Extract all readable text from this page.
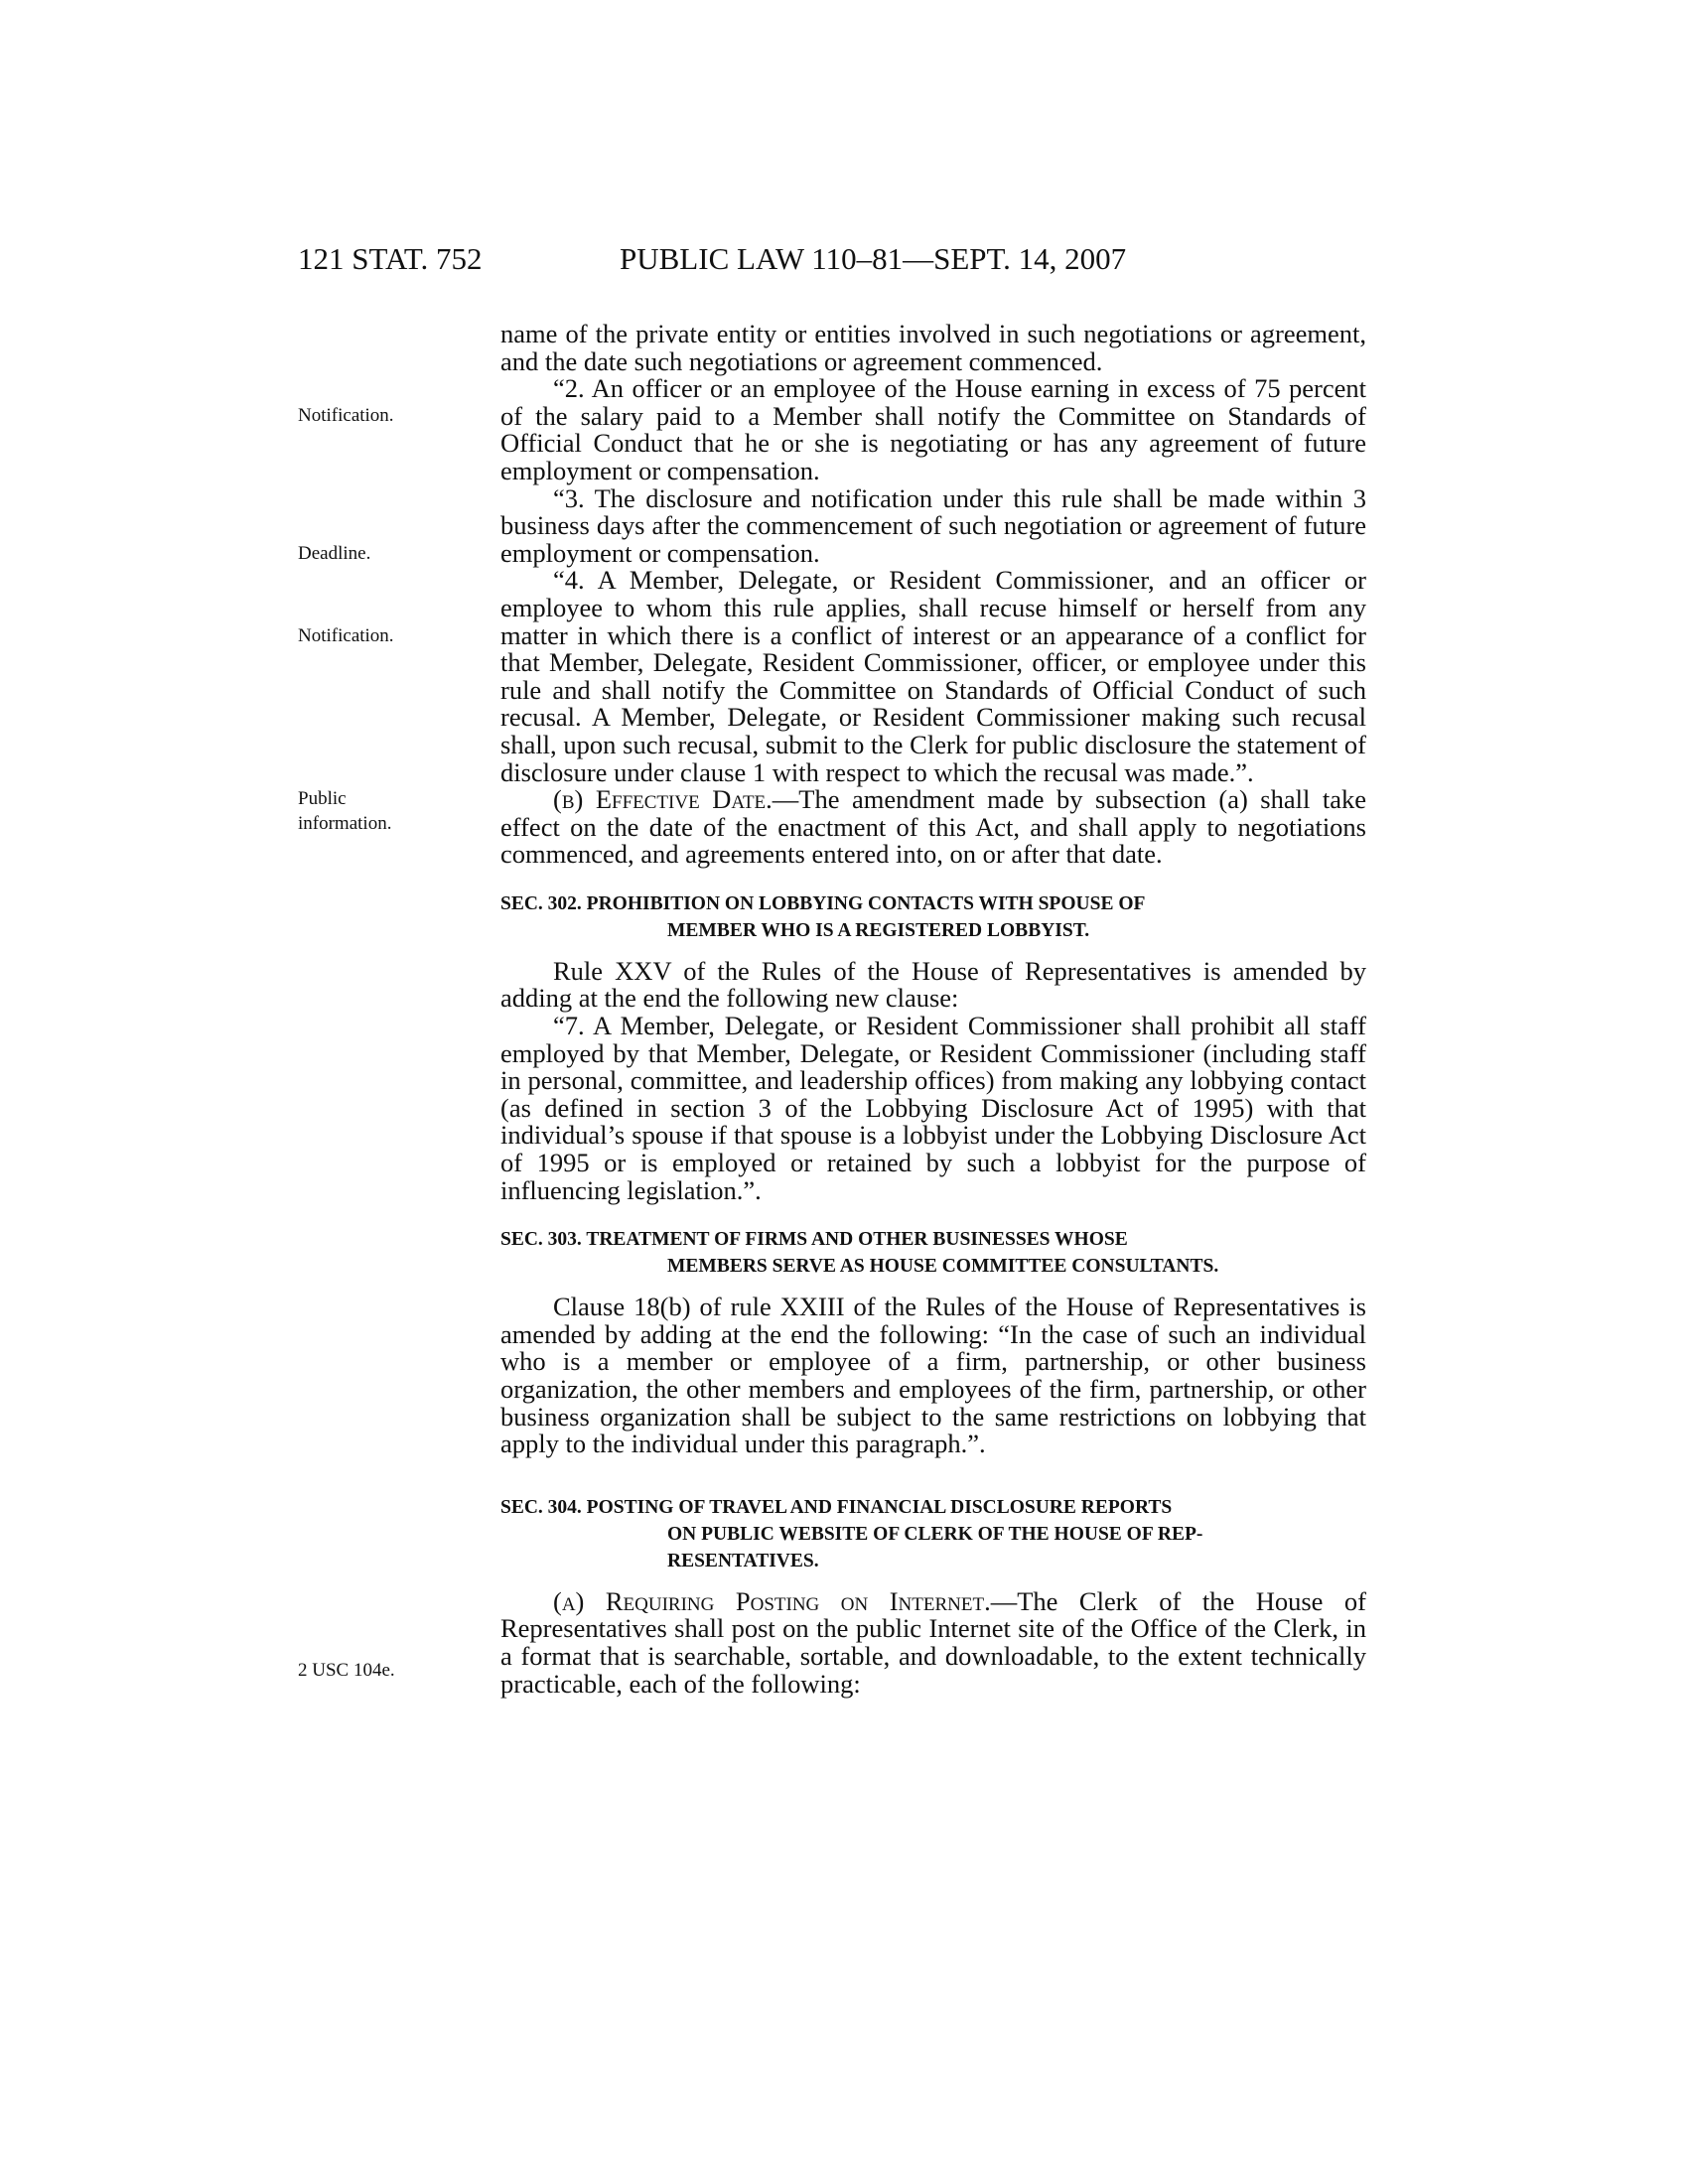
121 STAT. 752	PUBLIC LAW 110–81—SEPT. 14, 2007
Notification.
Deadline.
Notification.
Public
information.
2 USC 104e.

name of the private entity or entities involved in such negotiations or agreement, and the date such negotiations or agreement commenced.

“2. An officer or an employee of the House earning in excess of 75 percent of the salary paid to a Member shall notify the Committee on Standards of Official Conduct that he or she is negotiating or has any agreement of future employment or compensation.

“3. The disclosure and notification under this rule shall be made within 3 business days after the commencement of such negotiation or agreement of future employment or compensation.

“4. A Member, Delegate, or Resident Commissioner, and an officer or employee to whom this rule applies, shall recuse himself or herself from any matter in which there is a conflict of interest or an appearance of a conflict for that Member, Delegate, Resident Commissioner, officer, or employee under this rule and shall notify the Committee on Standards of Official Conduct of such recusal. A Member, Delegate, or Resident Commissioner making such recusal shall, upon such recusal, submit to the Clerk for public disclosure the statement of disclosure under clause 1 with respect to which the recusal was made.”.

(b) Effective Date.—The amendment made by subsection (a) shall take effect on the date of the enactment of this Act, and shall apply to negotiations commenced, and agreements entered into, on or after that date.

SEC. 302. PROHIBITION ON LOBBYING CONTACTS WITH SPOUSE OF
MEMBER WHO IS A REGISTERED LOBBYIST.

Rule XXV of the Rules of the House of Representatives is amended by adding at the end the following new clause:

“7. A Member, Delegate, or Resident Commissioner shall prohibit all staff employed by that Member, Delegate, or Resident Commissioner (including staff in personal, committee, and leadership offices) from making any lobbying contact (as defined in section 3 of the Lobbying Disclosure Act of 1995) with that individual’s spouse if that spouse is a lobbyist under the Lobbying Disclosure Act of 1995 or is employed or retained by such a lobbyist for the purpose of influencing legislation.”.

SEC. 303. TREATMENT OF FIRMS AND OTHER BUSINESSES WHOSE
MEMBERS SERVE AS HOUSE COMMITTEE CONSULTANTS.

Clause 18(b) of rule XXIII of the Rules of the House of Representatives is amended by adding at the end the following: “In the case of such an individual who is a member or employee of a firm, partnership, or other business organization, the other members and employees of the firm, partnership, or other business organization shall be subject to the same restrictions on lobbying that apply to the individual under this paragraph.”.

SEC. 304. POSTING OF TRAVEL AND FINANCIAL DISCLOSURE REPORTS
ON PUBLIC WEBSITE OF CLERK OF THE HOUSE OF REP-
RESENTATIVES.

(a) Requiring Posting on Internet.—The Clerk of the House of Representatives shall post on the public Internet site of the Office of the Clerk, in a format that is searchable, sortable, and downloadable, to the extent technically practicable, each of the following:
